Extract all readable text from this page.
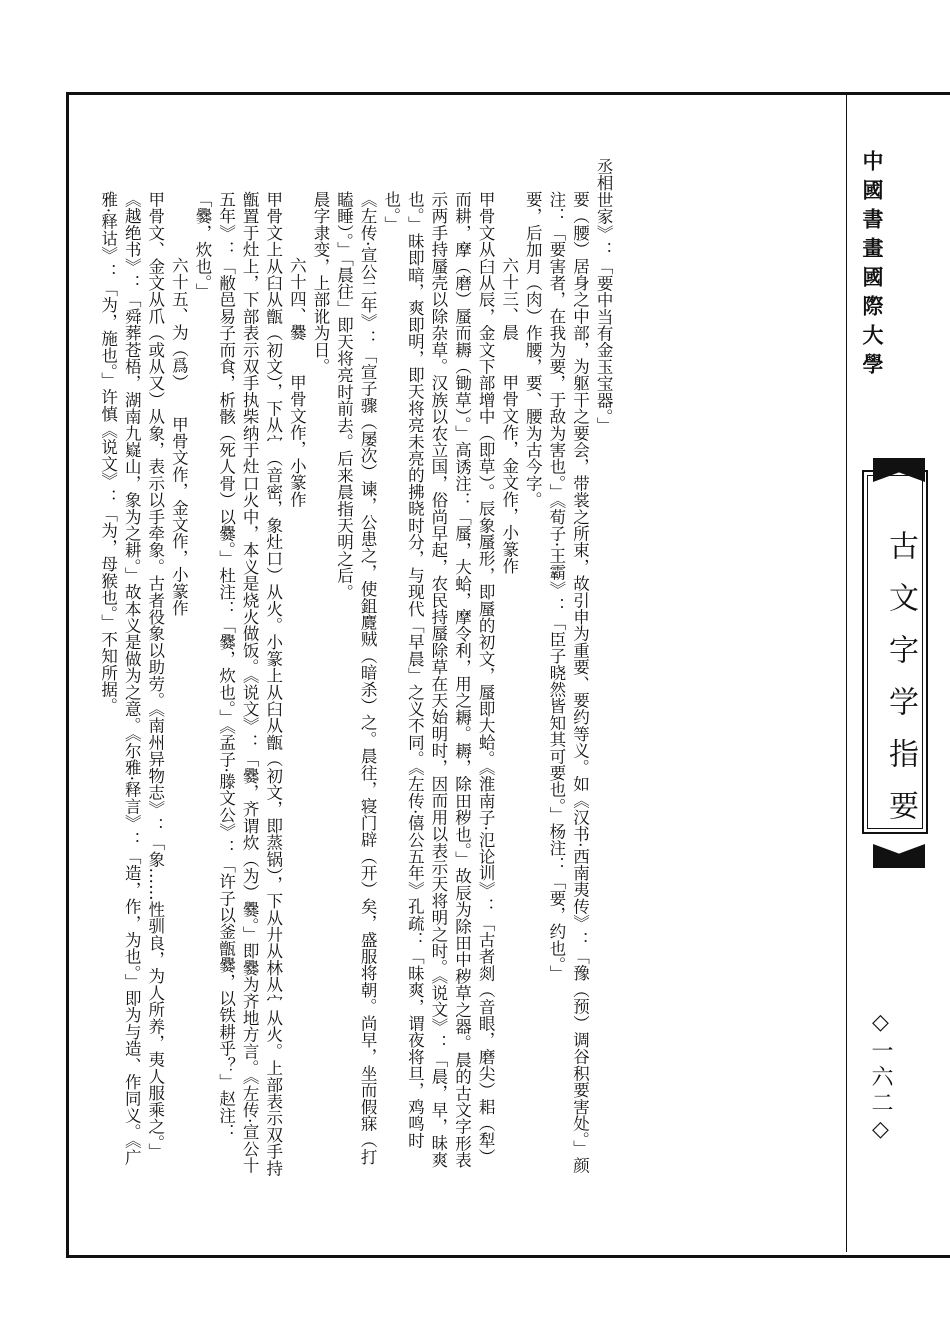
中國書畫國際大學
古文字学指要
◇一六二◇

丞相世家》：「要中当有金玉宝器。」

要（腰）居身之中部，为躯干之要会，带裳之所束，故引申为重要、要约等义。如《汉书·西南夷传》：「豫（预）调谷积要害处。」颜注：「要害者，在我为要，于敌为害也。」《荀子·王霸》：「臣子晓然皆知其可要也。」杨注：「要，约也。」

要，后加月（肉）作腰，要、腰为古今字。

六十三、晨　　甲骨文作，金文作，小篆作

甲骨文从臼从辰，金文下部增中（即草）。辰象蜃形，即蜃的初文，蜃即大蛤。《淮南子·氾论训》：「古者剡（音眼，磨尖）耜（犁）而耕，摩（磨）蜃而耨（锄草）。」高诱注：「蜃，大蛤，摩令利，用之耨。耨，除田秽也。」故辰为除田中秽草之器。晨的古文字形表示两手持蜃壳以除杂草。汉族以农立国，俗尚早起，农民持蜃除草在天始明时，因而用以表示天将明之时。《说文》：「晨，早，昧爽也。」昧即暗，爽即明，即天将亮未亮的拂晓时分，与现代「早晨」之义不同。《左传·僖公五年》孔疏：「昧爽，谓夜将旦，鸡鸣时也。」

《左传·宣公二年》：「宣子骤（屡次）谏，公患之，使鉏麑贼（暗杀）之。晨往，寝门辟（开）矣，盛服将朝。尚早，坐而假寐（打瞌睡）。」「晨往」即天将亮时前去。后来晨指天明之后。

晨字隶变，上部讹为日。

六十四、爨　　甲骨文作，小篆作

甲骨文上从臼从甑（初文），下从宀（音密，象灶口）从火。小篆上从臼从甑（初文，即蒸锅），下从廾从林从宀从火。上部表示双手持甑置于灶上，下部表示双手执柴纳于灶口火中，本义是烧火做饭。《说文》：「爨，齐谓炊（为）爨。」即爨为齐地方言。《左传·宣公十五年》：「敝邑易子而食，析骸（死人骨）以爨。」杜注：「爨，炊也。」《孟子·滕文公》：「许子以釜甑爨，以铁耕乎？」赵注：「爨，炊也。」

六十五、为（爲）　　甲骨文作，金文作，小篆作

甲骨文、金文从爪（或从又）从象，表示以手牵象。古者役象以助劳。《南州异物志》：「象……性驯良，为人所养，夷人服乘之。」《越绝书》：「舜葬苍梧，湖南九嶷山，象为之耕。」故本义是做为之意。《尔雅·释言》：「造，作，为也。」即为与造、作同义。《广雅·释诂》：「为，施也。」许慎《说文》：「为，母猴也。」不知所据。
